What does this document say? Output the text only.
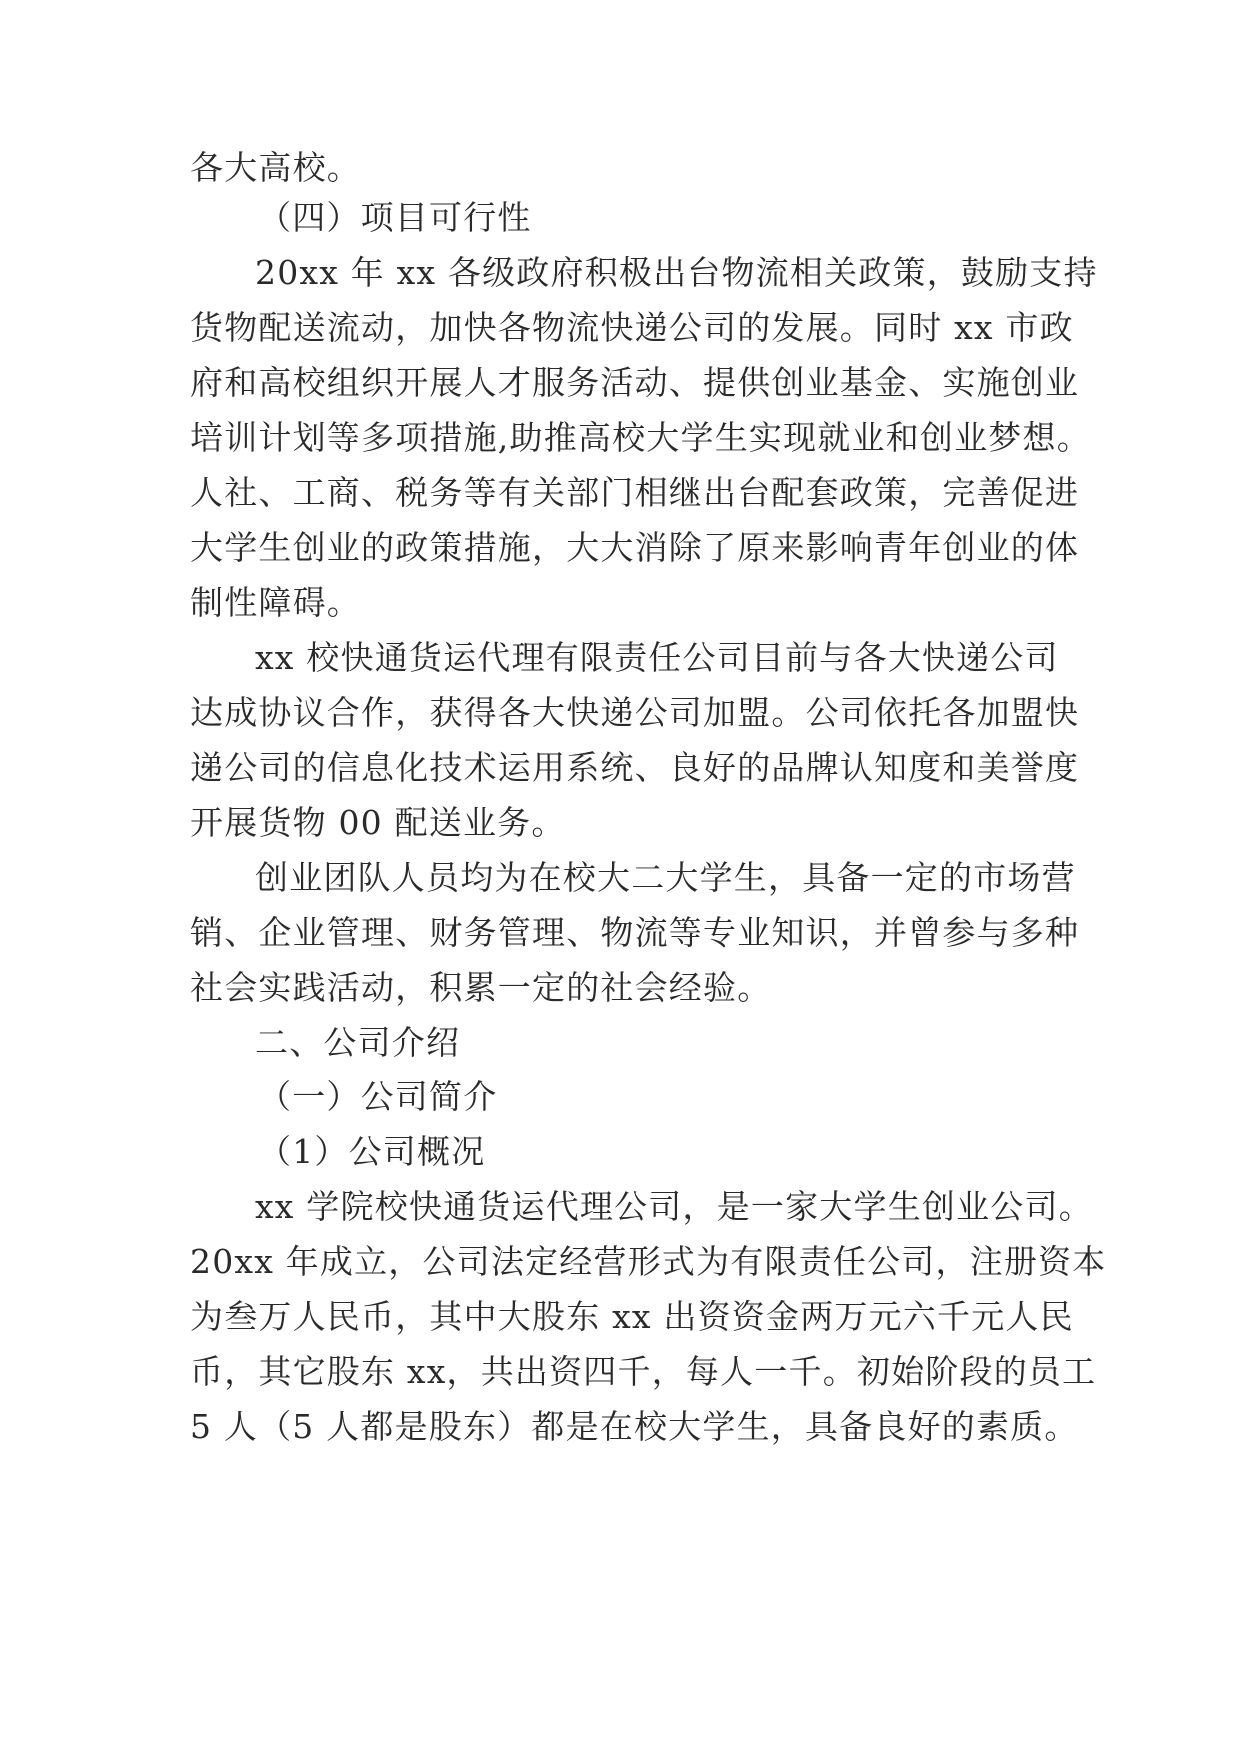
各大高校。
（四）项目可行性
20xx 年 xx 各级政府积极出台物流相关政策，鼓励支持
货物配送流动，加快各物流快递公司的发展。同时 xx 市政
府和高校组织开展人才服务活动、提供创业基金、实施创业
培训计划等多项措施,助推高校大学生实现就业和创业梦想。
人社、工商、税务等有关部门相继出台配套政策，完善促进
大学生创业的政策措施，大大消除了原来影响青年创业的体
制性障碍。
xx 校快通货运代理有限责任公司目前与各大快递公司
达成协议合作，获得各大快递公司加盟。公司依托各加盟快
递公司的信息化技术运用系统、良好的品牌认知度和美誉度
开展货物 00 配送业务。
创业团队人员均为在校大二大学生，具备一定的市场营
销、企业管理、财务管理、物流等专业知识，并曾参与多种
社会实践活动，积累一定的社会经验。
二、公司介绍
（一）公司简介
（1）公司概况
xx 学院校快通货运代理公司，是一家大学生创业公司。
20xx 年成立，公司法定经营形式为有限责任公司，注册资本
为叁万人民币，其中大股东 xx 出资资金两万元六千元人民
币，其它股东 xx，共出资四千，每人一千。初始阶段的员工
5 人（5 人都是股东）都是在校大学生，具备良好的素质。
